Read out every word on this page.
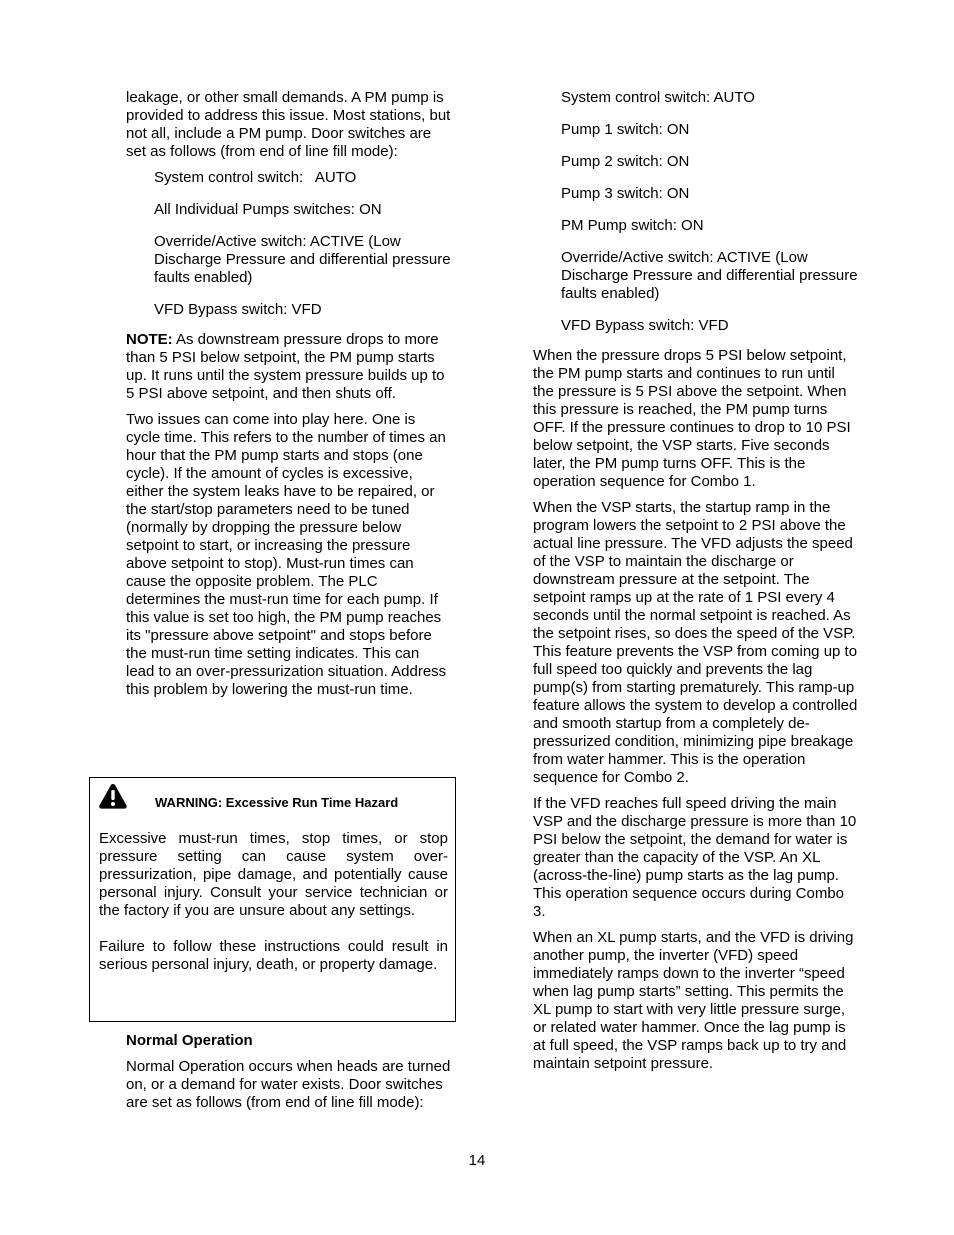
leakage, or other small demands. A PM pump is provided to address this issue. Most stations, but not all, include a PM pump. Door switches are set as follows (from end of line fill mode):

System control switch:   AUTO

All Individual Pumps switches: ON

Override/Active switch: ACTIVE (Low Discharge Pressure and differential pressure faults enabled)

VFD Bypass switch: VFD

NOTE: As downstream pressure drops to more than 5 PSI below setpoint, the PM pump starts up. It runs until the system pressure builds up to 5 PSI above setpoint, and then shuts off.

Two issues can come into play here. One is cycle time. This refers to the number of times an hour that the PM pump starts and stops (one cycle). If the amount of cycles is excessive, either the system leaks have to be repaired, or the start/stop parameters need to be tuned (normally by dropping the pressure below setpoint to start, or increasing the pressure above setpoint to stop). Must-run times can cause the opposite problem. The PLC determines the must-run time for each pump. If this value is set too high, the PM pump reaches its "pressure above setpoint" and stops before the must-run time setting indicates. This can lead to an over-pressurization situation. Address this problem by lowering the must-run time.

WARNING: Excessive Run Time Hazard

Excessive must-run times, stop times, or stop pressure setting can cause system over-pressurization, pipe damage, and potentially cause personal injury. Consult your service technician or the factory if you are unsure about any settings.

Failure to follow these instructions could result in serious personal injury, death, or property damage.

Normal Operation
Normal Operation occurs when heads are turned on, or a demand for water exists. Door switches are set as follows (from end of line fill mode):

System control switch: AUTO

Pump 1 switch: ON

Pump 2 switch: ON

Pump 3 switch: ON

PM Pump switch: ON

Override/Active switch: ACTIVE (Low Discharge Pressure and differential pressure faults enabled)

VFD Bypass switch: VFD

When the pressure drops 5 PSI below setpoint, the PM pump starts and continues to run until the pressure is 5 PSI above the setpoint. When this pressure is reached, the PM pump turns OFF. If the pressure continues to drop to 10 PSI below setpoint, the VSP starts. Five seconds later, the PM pump turns OFF. This is the operation sequence for Combo 1.

When the VSP starts, the startup ramp in the program lowers the setpoint to 2 PSI above the actual line pressure. The VFD adjusts the speed of the VSP to maintain the discharge or downstream pressure at the setpoint. The setpoint ramps up at the rate of 1 PSI every 4 seconds until the normal setpoint is reached. As the setpoint rises, so does the speed of the VSP. This feature prevents the VSP from coming up to full speed too quickly and prevents the lag pump(s) from starting prematurely. This ramp-up feature allows the system to develop a controlled and smooth startup from a completely de-pressurized condition, minimizing pipe breakage from water hammer. This is the operation sequence for Combo 2.

If the VFD reaches full speed driving the main VSP and the discharge pressure is more than 10 PSI below the setpoint, the demand for water is greater than the capacity of the VSP. An XL (across-the-line) pump starts as the lag pump. This operation sequence occurs during Combo 3.

When an XL pump starts, and the VFD is driving another pump, the inverter (VFD) speed immediately ramps down to the inverter “speed when lag pump starts” setting. This permits the XL pump to start with very little pressure surge, or related water hammer. Once the lag pump is at full speed, the VSP ramps back up to try and maintain setpoint pressure.

14
